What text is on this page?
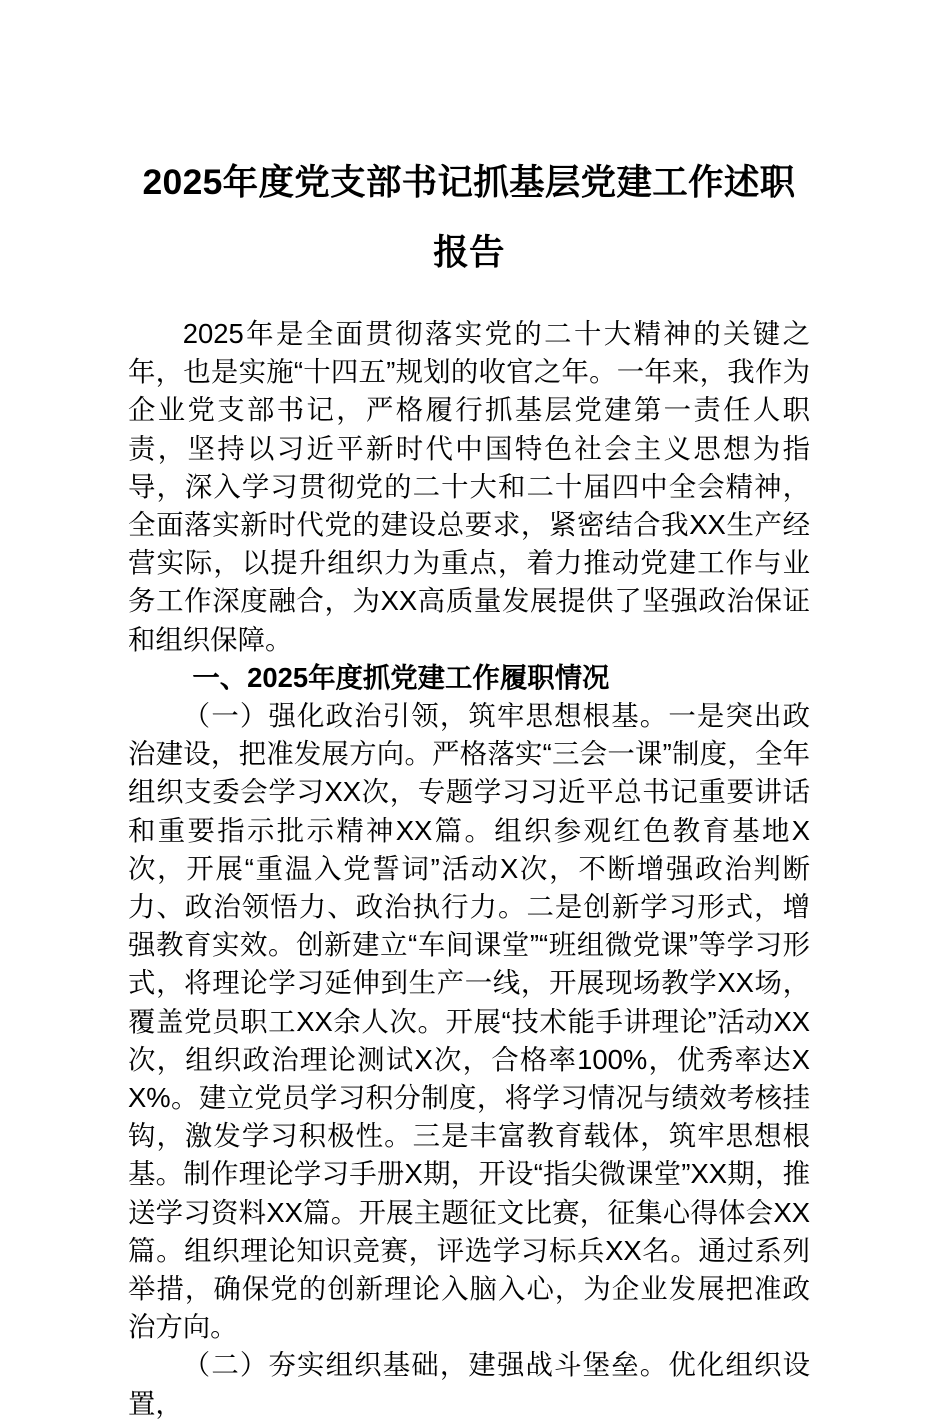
2025年度党支部书记抓基层党建工作述职
报告

2025年是全面贯彻落实党的二十大精神的关键之年，也是实施“十四五”规划的收官之年。一年来，我作为企业党支部书记，严格履行抓基层党建第一责任人职责，坚持以习近平新时代中国特色社会主义思想为指导，深入学习贯彻党的二十大和二十届四中全会精神，全面落实新时代党的建设总要求，紧密结合我XX生产经营实际，以提升组织力为重点，着力推动党建工作与业务工作深度融合，为XX高质量发展提供了坚强政治保证和组织保障。

一、2025年度抓党建工作履职情况

（一）强化政治引领，筑牢思想根基。一是突出政治建设，把准发展方向。严格落实“三会一课”制度，全年组织支委会学习XX次，专题学习习近平总书记重要讲话和重要指示批示精神XX篇。组织参观红色教育基地X次，开展“重温入党誓词”活动X次，不断增强政治判断力、政治领悟力、政治执行力。二是创新学习形式，增强教育实效。创新建立“车间课堂”“班组微党课”等学习形式，将理论学习延伸到生产一线，开展现场教学XX场，覆盖党员职工XX余人次。开展“技术能手讲理论”活动XX次，组织政治理论测试X次，合格率100%，优秀率达XX%。建立党员学习积分制度，将学习情况与绩效考核挂钩，激发学习积极性。三是丰富教育载体，筑牢思想根基。制作理论学习手册X期，开设“指尖微课堂”XX期，推送学习资料XX篇。开展主题征文比赛，征集心得体会XX篇。组织理论知识竞赛，评选学习标兵XX名。通过系列举措，确保党的创新理论入脑入心，为企业发展把准政治方向。

（二）夯实组织基础，建强战斗堡垒。优化组织设置，
